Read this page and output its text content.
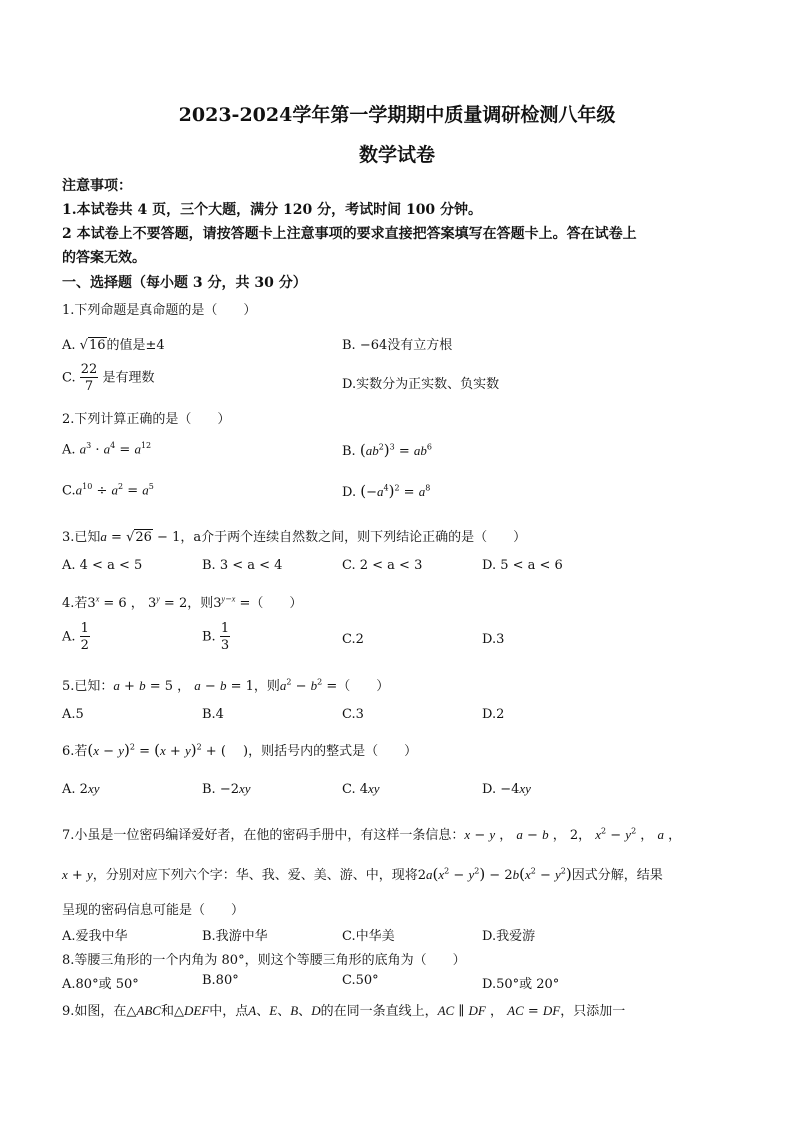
2023-2024学年第一学期期中质量调研检测八年级
数学试卷
注意事项：
1.本试卷共 4 页，三个大题，满分 120 分，考试时间 100 分钟。
2 本试卷上不要答题，请按答题卡上注意事项的要求直接把答案填写在答题卡上。答在试卷上
的答案无效。
一、选择题（每小题 3 分，共 30 分）
1.下列命题是真命题的是（　　）
A. √16的值是±4	B. −64没有立方根
C. $\frac{22}{7}$ 是有理数	D.实数分为正实数、负实数
2.下列计算正确的是（　　）
A. $a^3 \cdot a^4 = a^{12}$	B. $(ab^2)^3 = ab^6$
$C.a^{10} \div a^2 = a^5$	D. $(-a^4)^2 = a^8$
3.已知a = √26 − 1，a介于两个连续自然数之间，则下列结论正确的是（　　）
A. 4 < a < 5	B. 3 < a < 4	C. 2 < a < 3	D. 5 < a < 6
4.若$3^x = 6$ ， $3^y = 2$，则$3^{y-x}$ =（　　）
A. $\frac{1}{2}$	B. $\frac{1}{3}$	C.2	D.3
5.已知：a + b = 5 ， a − b = 1，则$a^2 - b^2$ =（　　）
A.5	B.4	C.3	D.2
6.若$(x - y)^2 = (x + y)^2$ + (　 )，则括号内的整式是（　　）
A. 2xy	B. −2xy	C. 4xy	D. −4xy
7.小虽是一位密码编译爱好者，在他的密码手册中，有这样一条信息：x − y ， a − b ， 2， $x^2 - y^2$ ， a ，
x + y，分别对应下列六个字：华、我、爱、美、游、中，现将$2a(x^2 - y^2) - 2b(x^2 - y^2)$因式分解，结果
呈现的密码信息可能是（　　）
A.爱我中华	B.我游中华	C.中华美	D.我爱游
8.等腰三角形的一个内角为 80°，则这个等腰三角形的底角为（　　）
A.80°或 50°	B.80°	C.50°	D.50°或 20°
9.如图，在△ABC和△DEF中，点A、E、B、D的在同一条直线上，AC ∥ DF ， AC = DF，只添加一
